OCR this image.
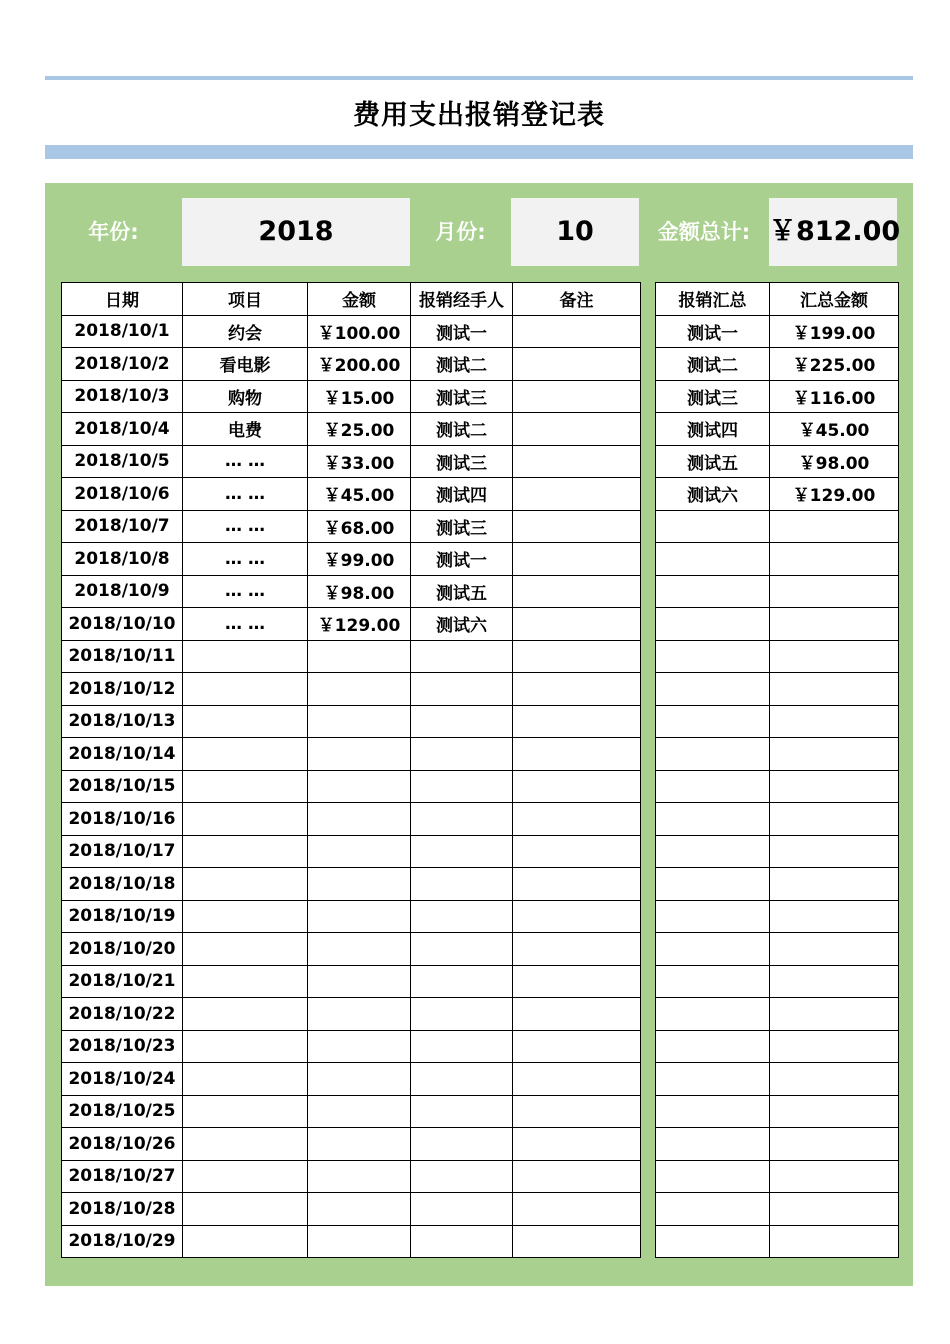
费用支出报销登记表
年份:	2018	月份:	10	金额总计: ￥812.00
日期	项目	金额	报销经手人	备注
2018/10/1	约会	￥100.00	测试一	
2018/10/2	看电影	￥200.00	测试二	
2018/10/3	购物	￥15.00	测试三	
2018/10/4	电费	￥25.00	测试二	
2018/10/5	… …	￥33.00	测试三	
2018/10/6	… …	￥45.00	测试四	
2018/10/7	… …	￥68.00	测试三	
2018/10/8	… …	￥99.00	测试一	
2018/10/9	… …	￥98.00	测试五	
2018/10/10	… …	￥129.00	测试六	
2018/10/11				
2018/10/12				
2018/10/13				
2018/10/14				
2018/10/15				
2018/10/16				
2018/10/17				
2018/10/18				
2018/10/19				
2018/10/20				
2018/10/21				
2018/10/22				
2018/10/23				
2018/10/24				
2018/10/25				
2018/10/26				
2018/10/27				
2018/10/28				
2018/10/29				
报销汇总	汇总金额
测试一	￥199.00
测试二	￥225.00
测试三	￥116.00
测试四	￥45.00
测试五	￥98.00
测试六	￥129.00
